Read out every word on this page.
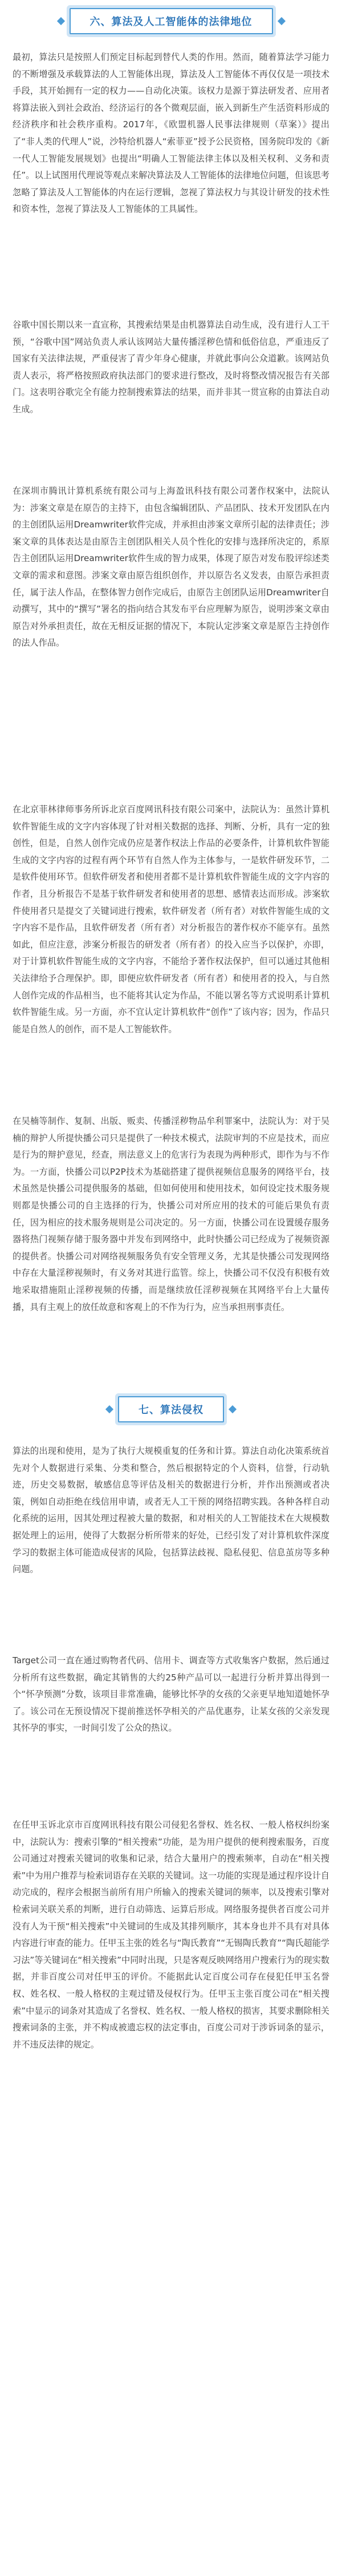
六、算法及人工智能体的法律地位

最初，算法只是按照人们预定目标起到替代人类的作用。然而，随着算法学习能力的不断增强及承载算法的人工智能体出现，算法及人工智能体不再仅仅是一项技术手段，其开始拥有一定的权力——自动化决策。该权力是源于算法研发者、应用者将算法嵌入到社会政治、经济运行的各个微观层面，嵌入到新生产生活资料形成的经济秩序和社会秩序重构。2017年，《欧盟机器人民事法律规则（草案）》提出了“非人类的代理人”说，沙特给机器人“索菲亚”授予公民资格，国务院印发的《新一代人工智能发展规划》也提出“明确人工智能法律主体以及相关权利、义务和责任”。以上试图用代理说等观点来解决算法及人工智能体的法律地位问题，但该思考忽略了算法及人工智能体的内在运行逻辑，忽视了算法权力与其设计研发的技术性和资本性，忽视了算法及人工智能体的工具属性。

谷歌中国长期以来一直宣称，其搜索结果是由机器算法自动生成，没有进行人工干预，“谷歌中国”网站负责人承认该网站大量传播淫秽色情和低俗信息，严重违反了国家有关法律法规，严重侵害了青少年身心健康，并就此事向公众道歉。该网站负责人表示，将严格按照政府执法部门的要求进行整改，及时将整改情况报告有关部门。这表明谷歌完全有能力控制搜索算法的结果，而并非其一贯宣称的由算法自动生成。

在深圳市腾讯计算机系统有限公司与上海盈讯科技有限公司著作权案中，法院认为：涉案文章是在原告的主持下，由包含编辑团队、产品团队、技术开发团队在内的主创团队运用Dreamwriter软件完成，并承担由涉案文章所引起的法律责任；涉案文章的具体表达是由原告主创团队相关人员个性化的安排与选择所决定的，系原告主创团队运用Dreamwriter软件生成的智力成果，体现了原告对发布股评综述类文章的需求和意图。涉案文章由原告组织创作，并以原告名义发表，由原告承担责任，属于法人作品，在整体智力创作完成后，由原告主创团队运用Dreamwriter自动撰写，其中的“撰写”署名的指向结合其发布平台应理解为原告，说明涉案文章由原告对外承担责任，故在无相反证据的情况下，本院认定涉案文章是原告主持创作的法人作品。

在北京菲林律师事务所诉北京百度网讯科技有限公司案中，法院认为：虽然计算机软件智能生成的文字内容体现了针对相关数据的选择、判断、分析，具有一定的独创性，但是，自然人创作完成仍应是著作权法上作品的必要条件，计算机软件智能生成的文字内容的过程有两个环节有自然人作为主体参与，一是软件研发环节，二是软件使用环节。但软件研发者和使用者都不是计算机软件智能生成的文字内容的作者，且分析报告不是基于软件研发者和使用者的思想、感情表达而形成。涉案软件使用者只是提交了关键词进行搜索，软件研发者（所有者）对软件智能生成的文字内容不是作品，且软件研发者（所有者）对分析报告的著作权亦不能享有。虽然如此，但应注意，涉案分析报告的研发者（所有者）的投入应当予以保护，亦即，对于计算机软件智能生成的文字内容，不能给予著作权法保护，但可以通过其他相关法律给予合理保护。即，即便应软件研发者（所有者）和使用者的投入，与自然人创作完成的作品相当，也不能将其认定为作品，不能以署名等方式说明系计算机软件智能生成。另一方面，亦不宜认定计算机软件“创作”了该内容；因为，作品只能是自然人的创作，而不是人工智能软件。

七、算法侵权

在吴楠等制作、复制、出版、贩卖、传播淫秽物品牟利罪案中，法院认为：对于吴楠的辩护人所提快播公司只是提供了一种技术模式，法院审判的不应是技术，而应是行为的辩护意见，经查，刑法意义上的危害行为表现为两种形式，即作为与不作为。一方面，快播公司以P2P技术为基础搭建了提供视频信息服务的网络平台，技术虽然是快播公司提供服务的基础，但如何使用和使用技术，如何设定技术服务规则都是快播公司的自主选择的行为，快播公司对所应用的技术的可能后果负有责任，因为相应的技术服务规则是公司决定的。另一方面，快播公司在设置缓存服务器将热门视频存储于服务器中并发布到网络中，此时快播公司已经成为了视频资源的提供者。快播公司对网络视频服务负有安全管理义务，尤其是快播公司发现网络中存在大量淫秽视频时，有义务对其进行监管。综上，快播公司不仅没有积极有效地采取措施阻止淫秽视频的传播，而是继续放任淫秽视频在其网络平台上大量传播，具有主观上的放任故意和客观上的不作为行为，应当承担刑事责任。

算法的出现和使用，是为了执行大规模重复的任务和计算。算法自动化决策系统首先对个人数据进行采集、分类和整合，然后根据特定的个人资料，信誉，行动轨迹，历史交易数据，敏感信息等评估及相关的数据进行分析，并作出预测或者决策，例如自动拒绝在线信用申请，或者无人工干预的网络招聘实践。各种各样自动化系统的运用，因其处理过程被大量的数据，和对相关的人工智能技术在大规模数据处理上的运用，使得了大数据分析所带来的好处，已经引发了对计算机软件深度学习的数据主体可能造成侵害的风险，包括算法歧视、隐私侵犯、信息茧房等多种问题。

Target公司一直在通过购物者代码、信用卡、调查等方式收集客户数据，然后通过分析所有这些数据，确定其销售的大约25种产品可以一起进行分析并算出得到一个“怀孕预测”分数，该项目非常准确，能够比怀孕的女孩的父亲更早地知道她怀孕了。该公司在无预设情况下提前推送怀孕相关的产品优惠券，让某女孩的父亲发现其怀孕的事实，一时间引发了公众的热议。

在任甲玉诉北京市百度网讯科技有限公司侵犯名誉权、姓名权、一般人格权纠纷案中，法院认为：搜索引擎的“相关搜索”功能，是为用户提供的便利搜索服务，百度公司通过对搜索关键词的收集和记录，结合大量用户的搜索频率，自动在“相关搜索”中为用户推荐与检索词语存在关联的关键词。这一功能的实现是通过程序设计自动完成的，程序会根据当前所有用户所输入的搜索关键词的频率，以及搜索引擎对检索词关联关系的判断，进行自动筛选、运算后形成。网络服务提供者百度公司并没有人为干预“相关搜索”中关键词的生成及其排列顺序，其本身也并不具有对具体内容进行审查的能力。任甲玉主张的姓名与“陶氏教育”“无锡陶氏教育”“陶氏超能学习法”等关键词在“相关搜索”中同时出现，只是客观反映网络用户搜索行为的现实数据，并非百度公司对任甲玉的评价。不能据此认定百度公司存在侵犯任甲玉名誉权、姓名权、一般人格权的主观过错及侵权行为。任甲玉主张百度公司在“相关搜索”中显示的词条对其造成了名誉权、姓名权、一般人格权的损害，其要求删除相关搜索词条的主张，并不构成被遗忘权的法定事由，百度公司对于涉诉词条的显示，并不违反法律的规定。
